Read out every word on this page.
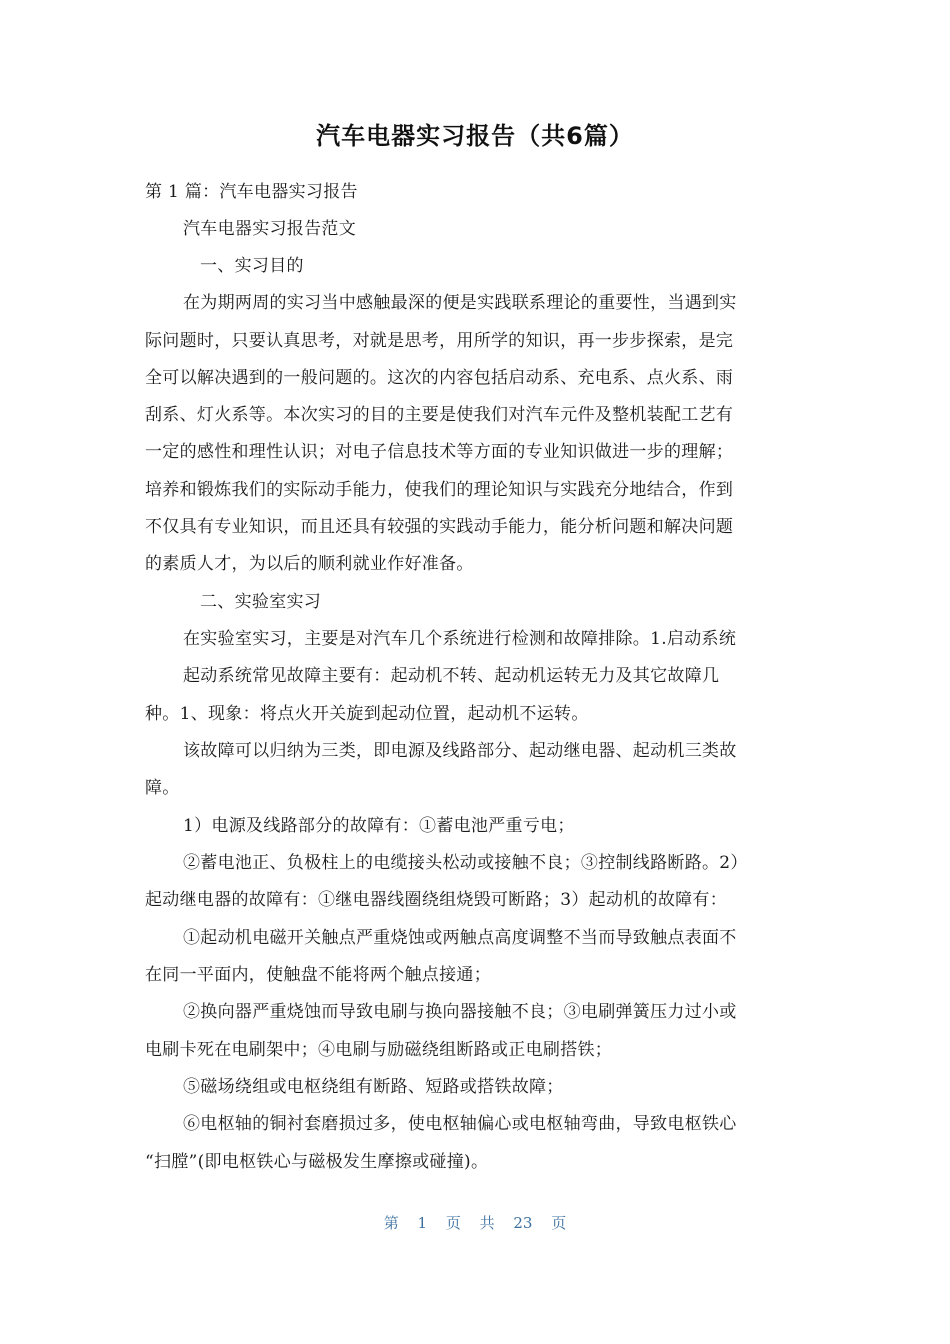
汽车电器实习报告（共6篇）
第 1 篇：汽车电器实习报告
汽车电器实习报告范文
一、实习目的
在为期两周的实习当中感触最深的便是实践联系理论的重要性，当遇到实
际问题时，只要认真思考，对就是思考，用所学的知识，再一步步探索，是完
全可以解决遇到的一般问题的。这次的内容包括启动系、充电系、点火系、雨
刮系、灯火系等。本次实习的目的主要是使我们对汽车元件及整机装配工艺有
一定的感性和理性认识；对电子信息技术等方面的专业知识做进一步的理解；
培养和锻炼我们的实际动手能力，使我们的理论知识与实践充分地结合，作到
不仅具有专业知识，而且还具有较强的实践动手能力，能分析问题和解决问题
的素质人才，为以后的顺利就业作好准备。
二、实验室实习
在实验室实习，主要是对汽车几个系统进行检测和故障排除。1.启动系统
起动系统常见故障主要有：起动机不转、起动机运转无力及其它故障几
种。1、现象：将点火开关旋到起动位置，起动机不运转。
该故障可以归纳为三类，即电源及线路部分、起动继电器、起动机三类故
障。
1）电源及线路部分的故障有：①蓄电池严重亏电；
②蓄电池正、负极柱上的电缆接头松动或接触不良；③控制线路断路。2）
起动继电器的故障有：①继电器线圈绕组烧毁可断路；3）起动机的故障有：
①起动机电磁开关触点严重烧蚀或两触点高度调整不当而导致触点表面不
在同一平面内，使触盘不能将两个触点接通；
②换向器严重烧蚀而导致电刷与换向器接触不良；③电刷弹簧压力过小或
电刷卡死在电刷架中；④电刷与励磁绕组断路或正电刷搭铁；
⑤磁场绕组或电枢绕组有断路、短路或搭铁故障；
⑥电枢轴的铜衬套磨损过多，使电枢轴偏心或电枢轴弯曲，导致电枢铁心
“扫膛”(即电枢铁心与磁极发生摩擦或碰撞)。
第 1 页 共 23 页
